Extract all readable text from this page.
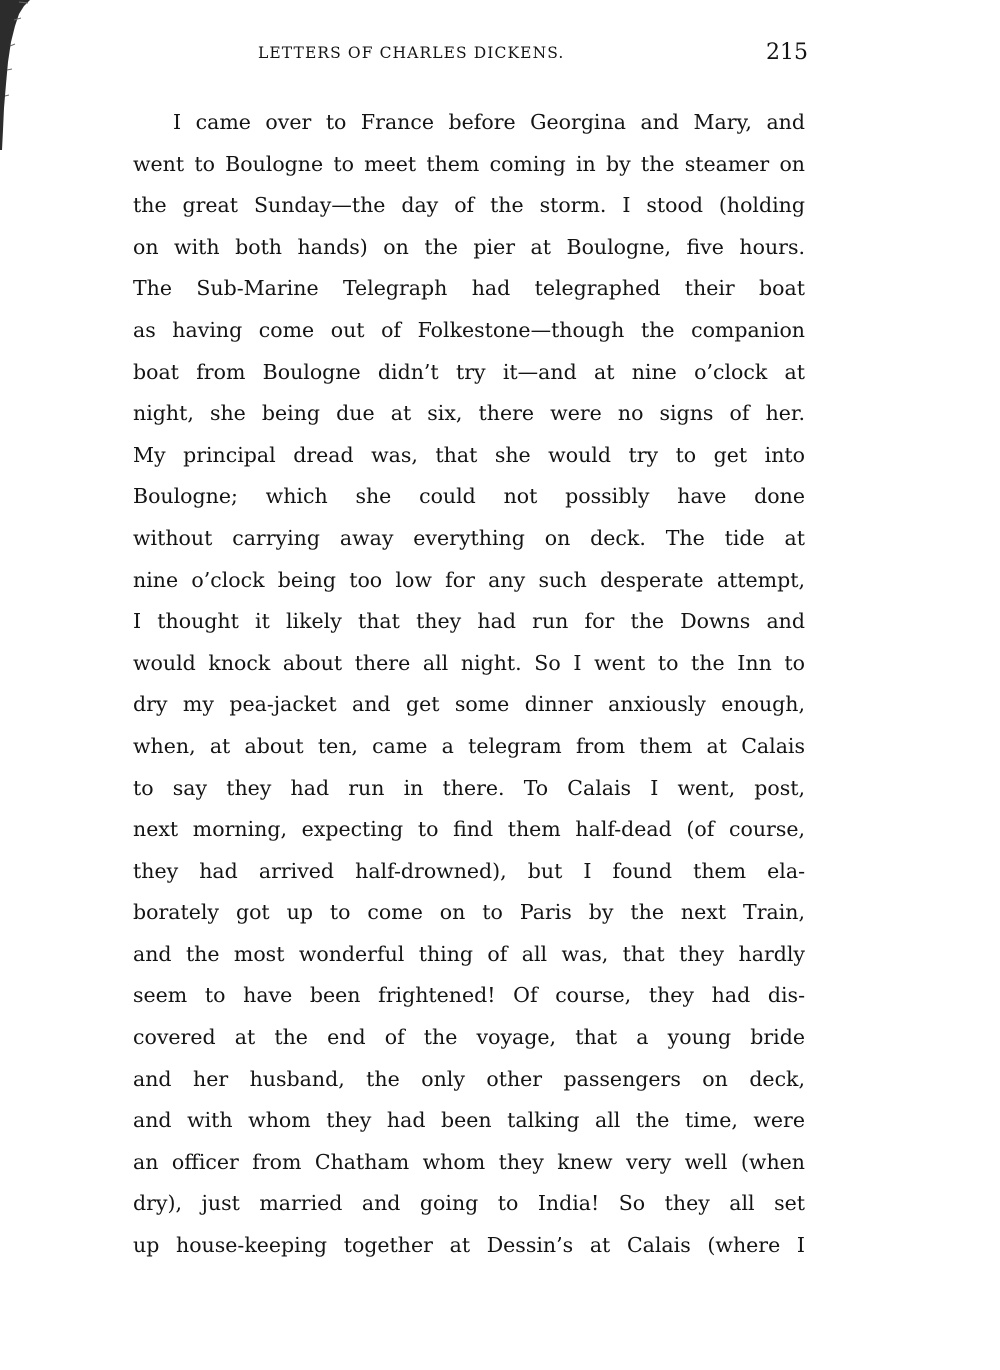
LETTERS OF CHARLES DICKENS.	215
I came over to France before Georgina and Mary, and
went to Boulogne to meet them coming in by the steamer on
the great Sunday—the day of the storm. I stood (holding
on with both hands) on the pier at Boulogne, five hours.
The Sub-Marine Telegraph had telegraphed their boat
as having come out of Folkestone—though the companion
boat from Boulogne didn’t try it—and at nine o’clock at
night, she being due at six, there were no signs of her.
My principal dread was, that she would try to get into
Boulogne; which she could not possibly have done
without carrying away everything on deck. The tide at
nine o’clock being too low for any such desperate attempt,
I thought it likely that they had run for the Downs and
would knock about there all night. So I went to the Inn to
dry my pea-jacket and get some dinner anxiously enough,
when, at about ten, came a telegram from them at Calais
to say they had run in there. To Calais I went, post,
next morning, expecting to find them half-dead (of course,
they had arrived half-drowned), but I found them ela-
borately got up to come on to Paris by the next Train,
and the most wonderful thing of all was, that they hardly
seem to have been frightened! Of course, they had dis-
covered at the end of the voyage, that a young bride
and her husband, the only other passengers on deck,
and with whom they had been talking all the time, were
an officer from Chatham whom they knew very well (when
dry), just married and going to India! So they all set
up house-keeping together at Dessin’s at Calais (where I
